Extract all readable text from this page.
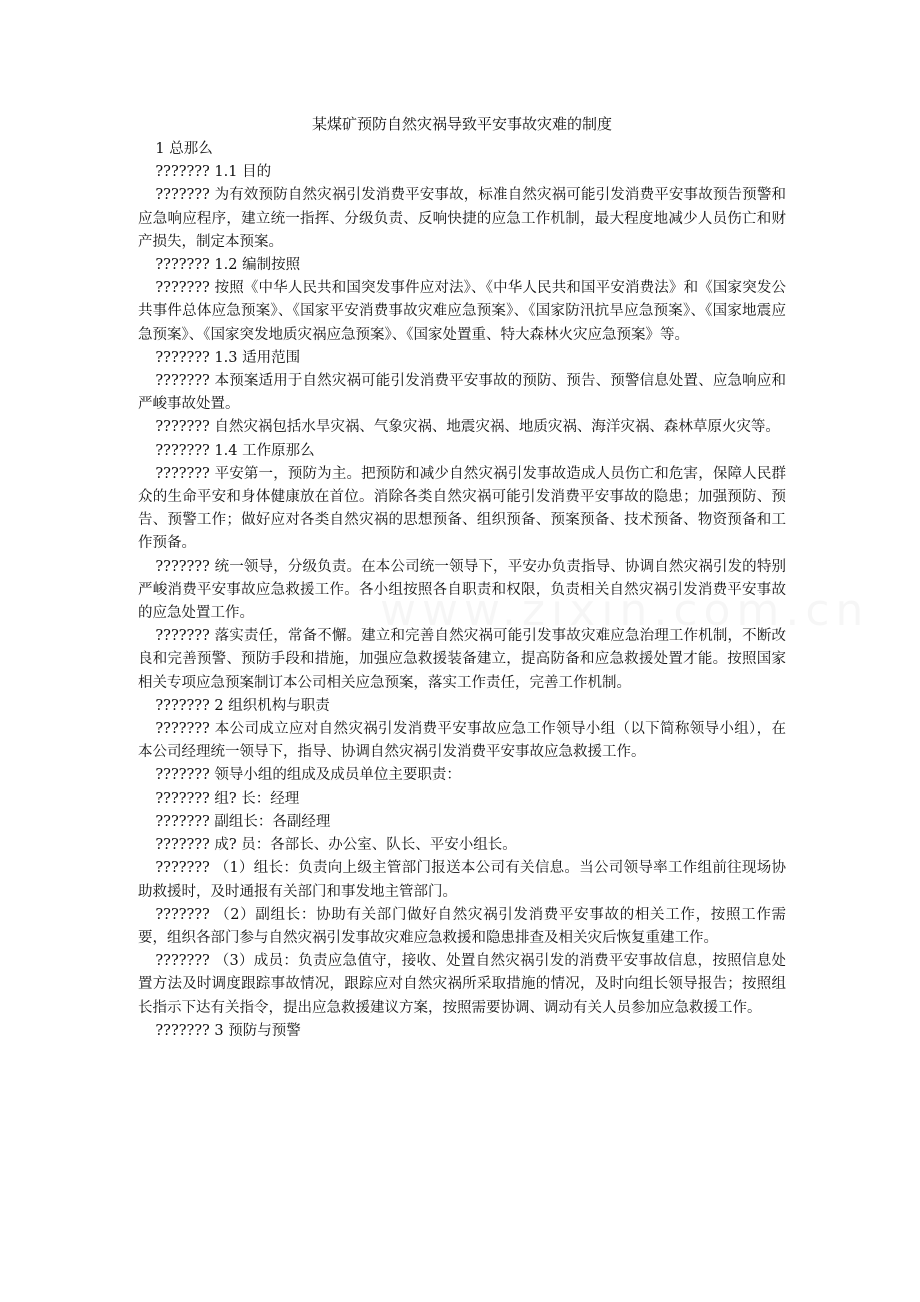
某煤矿预防自然灾祸导致平安事故灾难的制度

1 总那么

??????? 1.1 目的

??????? 为有效预防自然灾祸引发消费平安事故，标准自然灾祸可能引发消费平安事故预告预警和应急响应程序，建立统一指挥、分级负责、反响快捷的应急工作机制，最大程度地减少人员伤亡和财产损失，制定本预案。

??????? 1.2 编制按照

??????? 按照《中华人民共和国突发事件应对法》、《中华人民共和国平安消费法》和《国家突发公共事件总体应急预案》、《国家平安消费事故灾难应急预案》、《国家防汛抗旱应急预案》、《国家地震应急预案》、《国家突发地质灾祸应急预案》、《国家处置重、特大森林火灾应急预案》等。

??????? 1.3 适用范围

??????? 本预案适用于自然灾祸可能引发消费平安事故的预防、预告、预警信息处置、应急响应和严峻事故处置。

??????? 自然灾祸包括水旱灾祸、气象灾祸、地震灾祸、地质灾祸、海洋灾祸、森林草原火灾等。

??????? 1.4 工作原那么

??????? 平安第一，预防为主。把预防和减少自然灾祸引发事故造成人员伤亡和危害，保障人民群众的生命平安和身体健康放在首位。消除各类自然灾祸可能引发消费平安事故的隐患；加强预防、预告、预警工作；做好应对各类自然灾祸的思想预备、组织预备、预案预备、技术预备、物资预备和工作预备。

??????? 统一领导，分级负责。在本公司统一领导下，平安办负责指导、协调自然灾祸引发的特别严峻消费平安事故应急救援工作。各小组按照各自职责和权限，负责相关自然灾祸引发消费平安事故的应急处置工作。

??????? 落实责任，常备不懈。建立和完善自然灾祸可能引发事故灾难应急治理工作机制，不断改良和完善预警、预防手段和措施，加强应急救援装备建立，提高防备和应急救援处置才能。按照国家相关专项应急预案制订本公司相关应急预案，落实工作责任，完善工作机制。

??????? 2 组织机构与职责

??????? 本公司成立应对自然灾祸引发消费平安事故应急工作领导小组（以下简称领导小组），在本公司经理统一领导下，指导、协调自然灾祸引发消费平安事故应急救援工作。

??????? 领导小组的组成及成员单位主要职责：

??????? 组? 长：经理

??????? 副组长：各副经理

??????? 成? 员：各部长、办公室、队长、平安小组长。

??????? （1）组长：负责向上级主管部门报送本公司有关信息。当公司领导率工作组前往现场协助救援时，及时通报有关部门和事发地主管部门。

??????? （2）副组长：协助有关部门做好自然灾祸引发消费平安事故的相关工作，按照工作需要，组织各部门参与自然灾祸引发事故灾难应急救援和隐患排查及相关灾后恢复重建工作。

??????? （3）成员：负责应急值守，接收、处置自然灾祸引发的消费平安事故信息，按照信息处置方法及时调度跟踪事故情况，跟踪应对自然灾祸所采取措施的情况，及时向组长领导报告；按照组长指示下达有关指令，提出应急救援建议方案，按照需要协调、调动有关人员参加应急救援工作。

??????? 3 预防与预警
